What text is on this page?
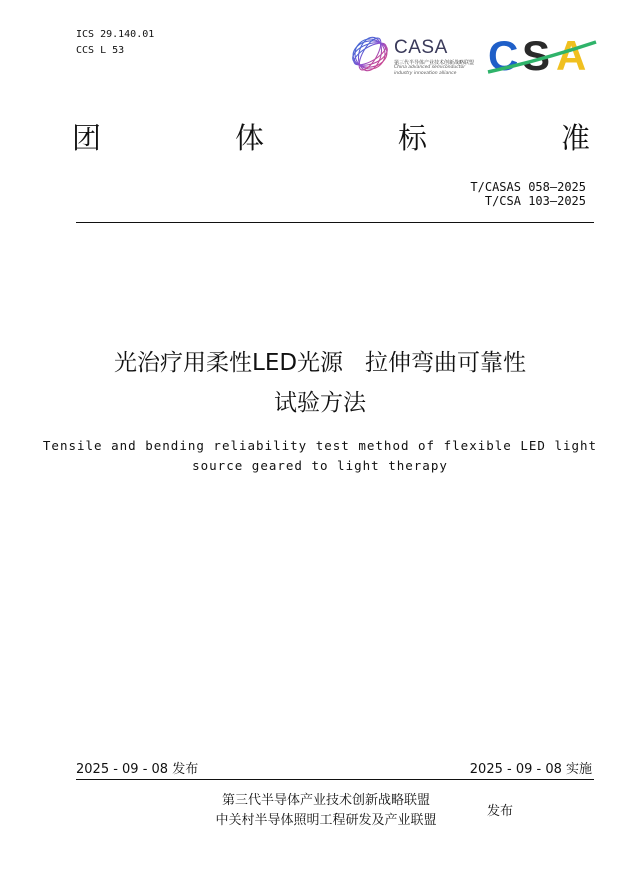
ICS 29.140.01
CCS L 53	CASA
第三代半导体产业技术创新战略联盟
China advanced semiconductor industry innovation alliance C S A
团	体	标	准
T/CASAS 058—2025
T/CSA 103—2025
光治疗用柔性LED光源   拉伸弯曲可靠性
试验方法
Tensile and bending reliability test method of flexible LED light
source geared to light therapy
2025 - 09 - 08 发布	2025 - 09 - 08 实施
第三代半导体产业技术创新战略联盟
中关村半导体照明工程研发及产业联盟
发布
